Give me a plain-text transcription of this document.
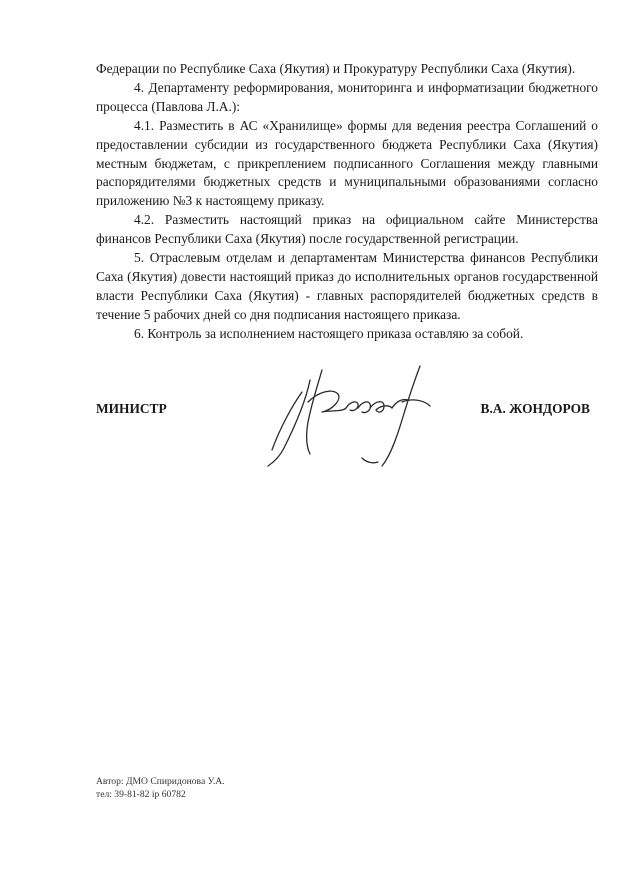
Федерации по Республике Саха (Якутия) и Прокуратуру Республики Саха (Якутия).

4. Департаменту реформирования, мониторинга и информатизации бюджетного процесса (Павлова Л.А.):

4.1. Разместить в АС «Хранилище» формы для ведения реестра Соглашений о предоставлении субсидии из государственного бюджета Республики Саха (Якутия) местным бюджетам, с прикреплением подписанного Соглашения между главными распорядителями бюджетных средств и муниципальными образованиями согласно приложению №3 к настоящему приказу.

4.2. Разместить настоящий приказ на официальном сайте Министерства финансов Республики Саха (Якутия) после государственной регистрации.

5. Отраслевым отделам и департаментам Министерства финансов Республики Саха (Якутия) довести настоящий приказ до исполнительных органов государственной власти Республики Саха (Якутия) - главных распорядителей бюджетных средств в течение 5 рабочих дней со дня подписания настоящего приказа.

6. Контроль за исполнением настоящего приказа оставляю за собой.

МИНИСТР	В.А. ЖОНДОРОВ
Автор: ДМО Спиридонова У.А.
тел: 39-81-82 iр 60782
